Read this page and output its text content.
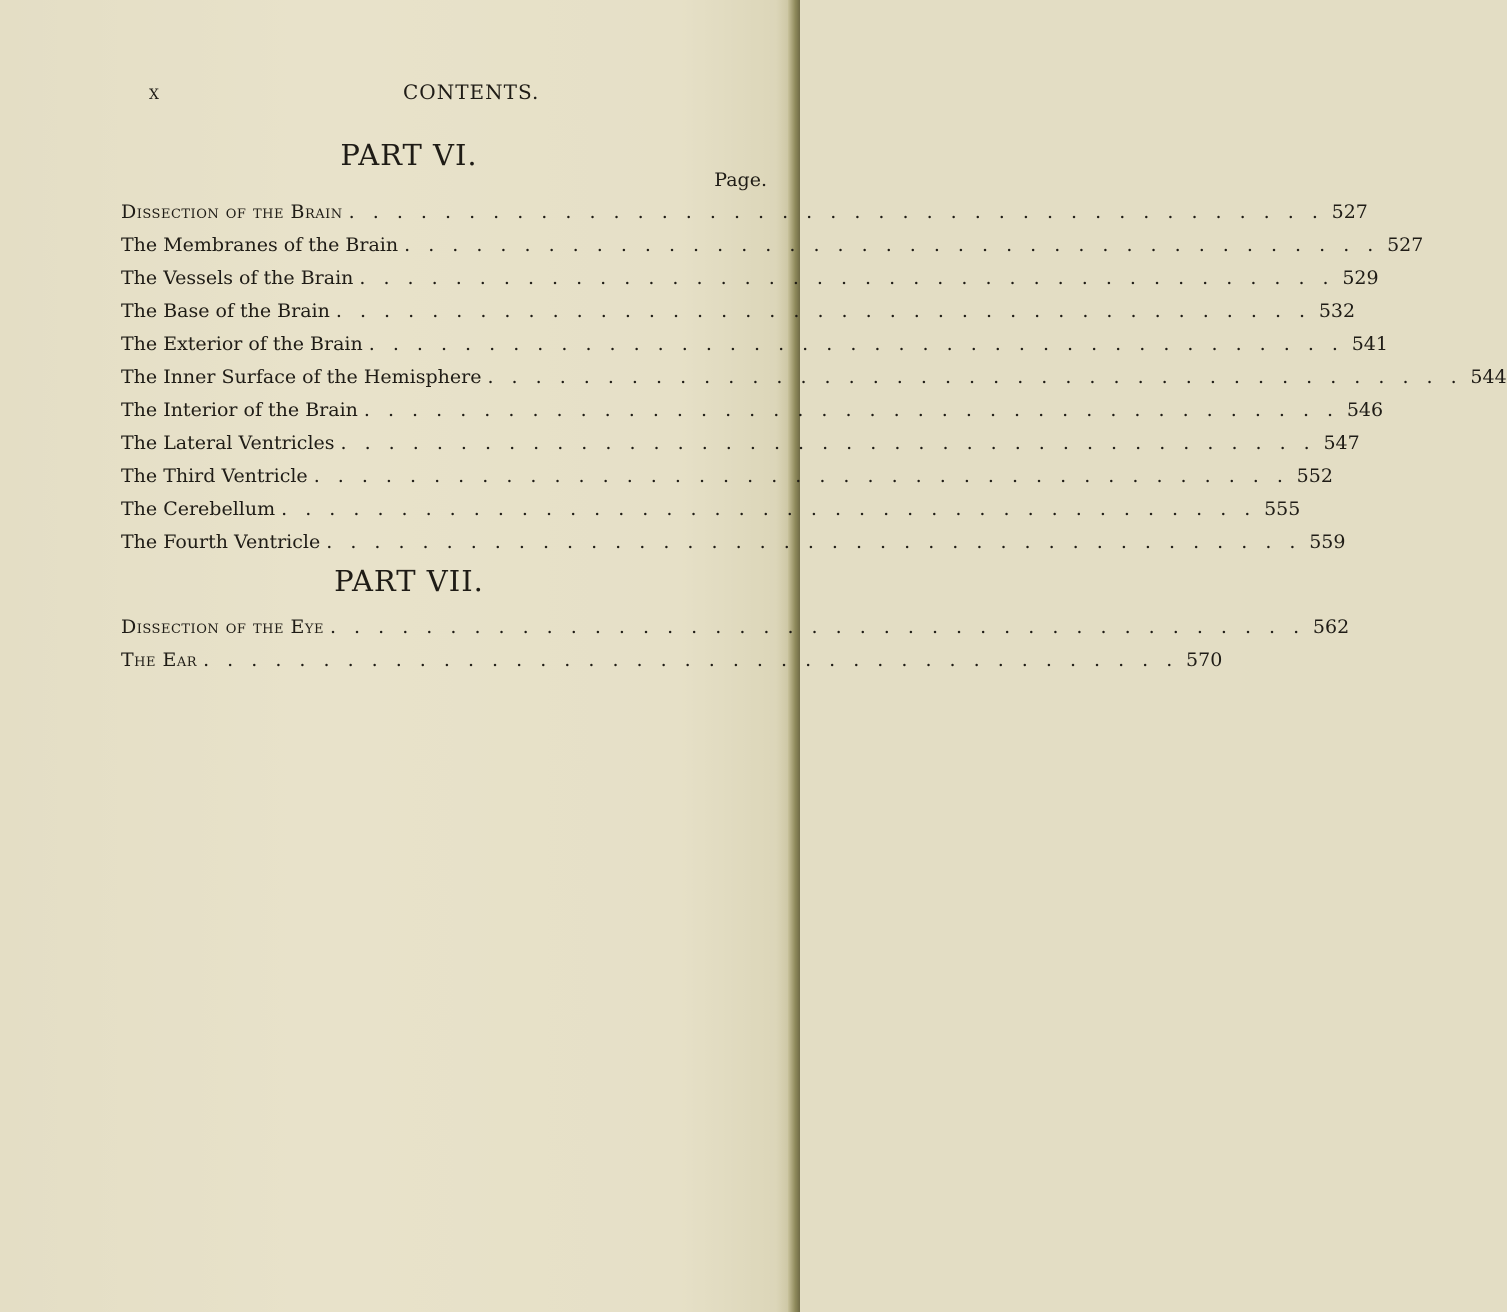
x	CONTENTS.
PART VI.
Page.
Dissection of the Brain . . . . . . . . . . . . . . . . . . . . . . . . . . . . . . . . . . . . . . . . . 527
The Membranes of the Brain . . . . . . . . . . . . . . . . . . . . . . . . . . . . . . . . . . . . . . . . . 527
The Vessels of the Brain . . . . . . . . . . . . . . . . . . . . . . . . . . . . . . . . . . . . . . . . . 529
The Base of the Brain . . . . . . . . . . . . . . . . . . . . . . . . . . . . . . . . . . . . . . . . . 532
The Exterior of the Brain . . . . . . . . . . . . . . . . . . . . . . . . . . . . . . . . . . . . . . . . . 541
The Inner Surface of the Hemisphere . . . . . . . . . . . . . . . . . . . . . . . . . . . . . . . . . . . . . . . . . 544
The Interior of the Brain . . . . . . . . . . . . . . . . . . . . . . . . . . . . . . . . . . . . . . . . . 546
The Lateral Ventricles . . . . . . . . . . . . . . . . . . . . . . . . . . . . . . . . . . . . . . . . . 547
The Third Ventricle . . . . . . . . . . . . . . . . . . . . . . . . . . . . . . . . . . . . . . . . . 552
The Cerebellum . . . . . . . . . . . . . . . . . . . . . . . . . . . . . . . . . . . . . . . . . 555
The Fourth Ventricle . . . . . . . . . . . . . . . . . . . . . . . . . . . . . . . . . . . . . . . . . 559
PART VII.
Dissection of the Eye . . . . . . . . . . . . . . . . . . . . . . . . . . . . . . . . . . . . . . . . . 562
The Ear . . . . . . . . . . . . . . . . . . . . . . . . . . . . . . . . . . . . . . . . . 570
